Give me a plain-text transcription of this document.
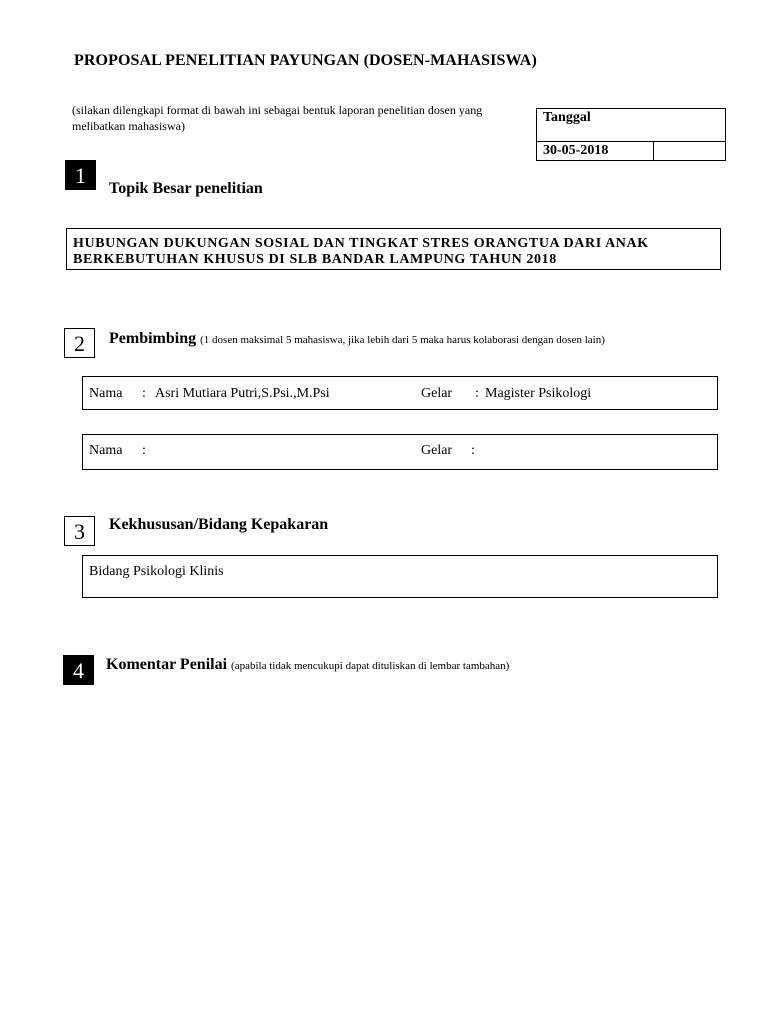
PROPOSAL PENELITIAN PAYUNGAN (DOSEN-MAHASISWA)
(silakan dilengkapi format di bawah ini sebagai bentuk laporan penelitian dosen yang melibatkan mahasiswa)
Tanggal
30-05-2018
1
Topik Besar penelitian
HUBUNGAN DUKUNGAN SOSIAL DAN TINGKAT STRES ORANGTUA DARI ANAK
BERKEBUTUHAN KHUSUS DI SLB BANDAR LAMPUNG TAHUN 2018
2	Pembimbing (1 dosen maksimal 5 mahasiswa, jika lebih dari 5 maka harus kolaborasi dengan dosen lain)
Nama : Asri Mutiara Putri,S.Psi.,M.Psi	Gelar : Magister Psikologi
Nama :	Gelar :
3	Kekhususan/Bidang Kepakaran
Bidang Psikologi Klinis
4	Komentar Penilai (apabila tidak mencukupi dapat dituliskan di lembar tambahan)
